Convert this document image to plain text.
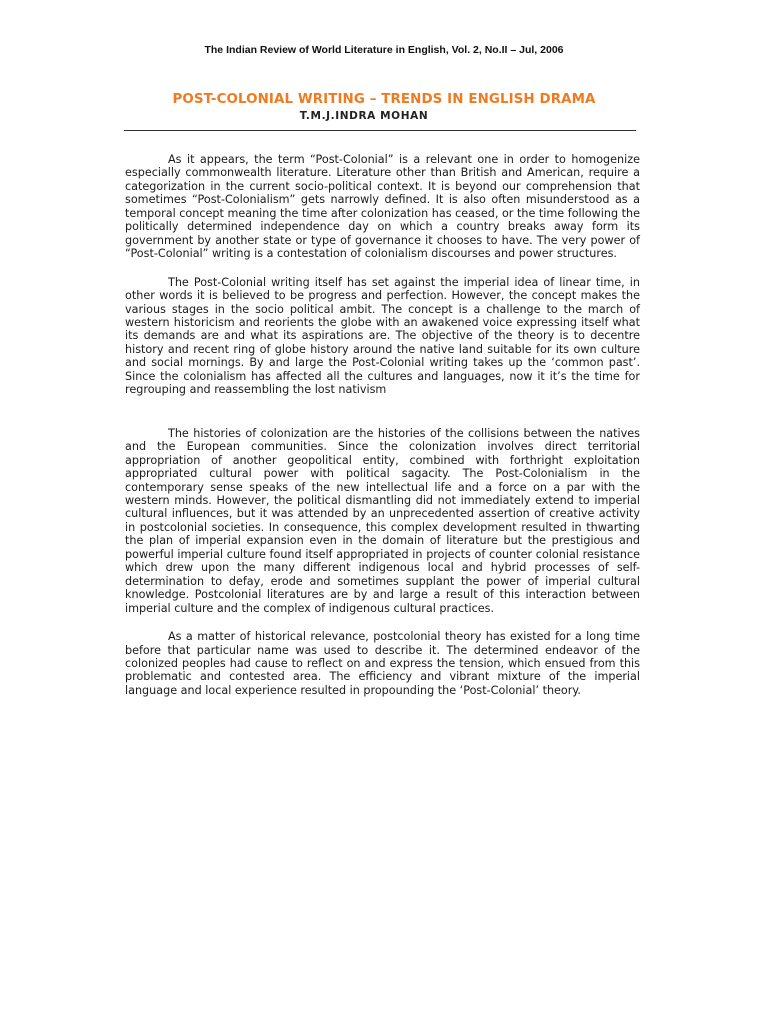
The Indian Review of World Literature in English, Vol. 2, No.II – Jul, 2006
POST-COLONIAL WRITING – TRENDS IN ENGLISH DRAMA
T.M.J.INDRA MOHAN

As it appears, the term “Post-Colonial” is a relevant one in order to homogenize especially commonwealth literature. Literature other than British and American, require a categorization in the current socio-political context. It is beyond our comprehension that sometimes “Post-Colonialism” gets narrowly defined. It is also often misunderstood as a temporal concept meaning the time after colonization has ceased, or the time following the politically determined independence day on which a country breaks away form its government by another state or type of governance it chooses to have. The very power of “Post-Colonial” writing is a contestation of colonialism discourses and power structures.

The Post-Colonial writing itself has set against the imperial idea of linear time, in other words it is believed to be progress and perfection. However, the concept makes the various stages in the socio political ambit. The concept is a challenge to the march of western historicism and reorients the globe with an awakened voice expressing itself what its demands are and what its aspirations are. The objective of the theory is to decentre history and recent ring of globe history around the native land suitable for its own culture and social mornings. By and large the Post-Colonial writing takes up the ‘common past’. Since the colonialism has affected all the cultures and languages, now it it’s the time for regrouping and reassembling the lost nativism

The histories of colonization are the histories of the collisions between the natives and the European communities. Since the colonization involves direct territorial appropriation of another geopolitical entity, combined with forthright exploitation appropriated cultural power with political sagacity. The Post-Colonialism in the contemporary sense speaks of the new intellectual life and a force on a par with the western minds. However, the political dismantling did not immediately extend to imperial cultural influences, but it was attended by an unprecedented assertion of creative activity in postcolonial societies. In consequence, this complex development resulted in thwarting the plan of imperial expansion even in the domain of literature but the prestigious and powerful imperial culture found itself appropriated in projects of counter colonial resistance which drew upon the many different indigenous local and hybrid processes of self-determination to defay, erode and sometimes supplant the power of imperial cultural knowledge. Postcolonial literatures are by and large a result of this interaction between imperial culture and the complex of indigenous cultural practices.

As a matter of historical relevance, postcolonial theory has existed for a long time before that particular name was used to describe it. The determined endeavor of the colonized peoples had cause to reflect on and express the tension, which ensued from this problematic and contested area. The efficiency and vibrant mixture of the imperial language and local experience resulted in propounding the ‘Post-Colonial’ theory.
